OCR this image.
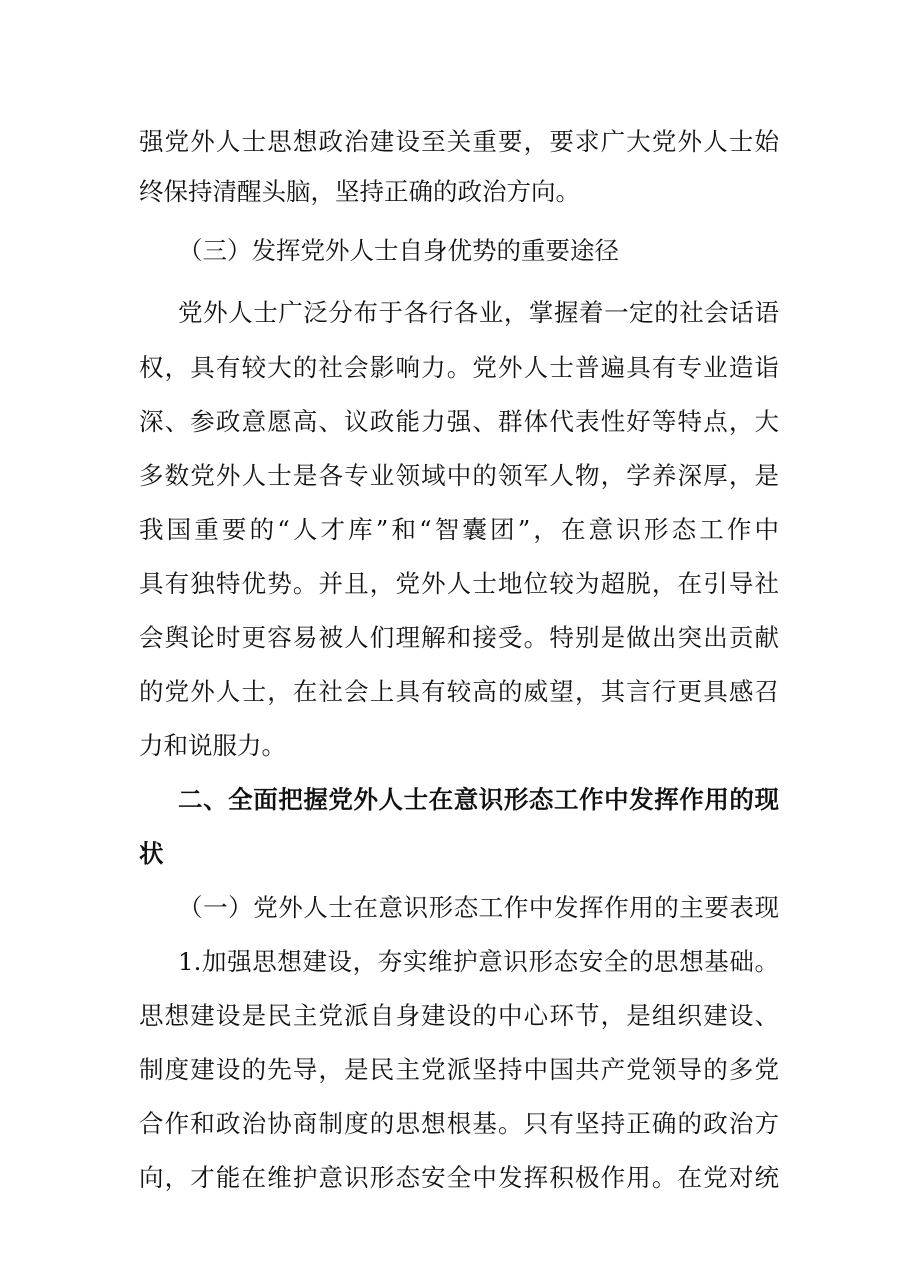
强党外人士思想政治建设至关重要，要求广大党外人士始
终保持清醒头脑，坚持正确的政治方向。
（三）发挥党外人士自身优势的重要途径
党外人士广泛分布于各行各业，掌握着一定的社会话语
权，具有较大的社会影响力。党外人士普遍具有专业造诣
深、参政意愿高、议政能力强、群体代表性好等特点，大
多数党外人士是各专业领域中的领军人物，学养深厚，是
我国重要的“人才库”和“智囊团”，在意识形态工作中
具有独特优势。并且，党外人士地位较为超脱，在引导社
会舆论时更容易被人们理解和接受。特别是做出突出贡献
的党外人士，在社会上具有较高的威望，其言行更具感召
力和说服力。
二、全面把握党外人士在意识形态工作中发挥作用的现
状
（一）党外人士在意识形态工作中发挥作用的主要表现
1.加强思想建设，夯实维护意识形态安全的思想基础。
思想建设是民主党派自身建设的中心环节，是组织建设、
制度建设的先导，是民主党派坚持中国共产党领导的多党
合作和政治协商制度的思想根基。只有坚持正确的政治方
向，才能在维护意识形态安全中发挥积极作用。在党对统
